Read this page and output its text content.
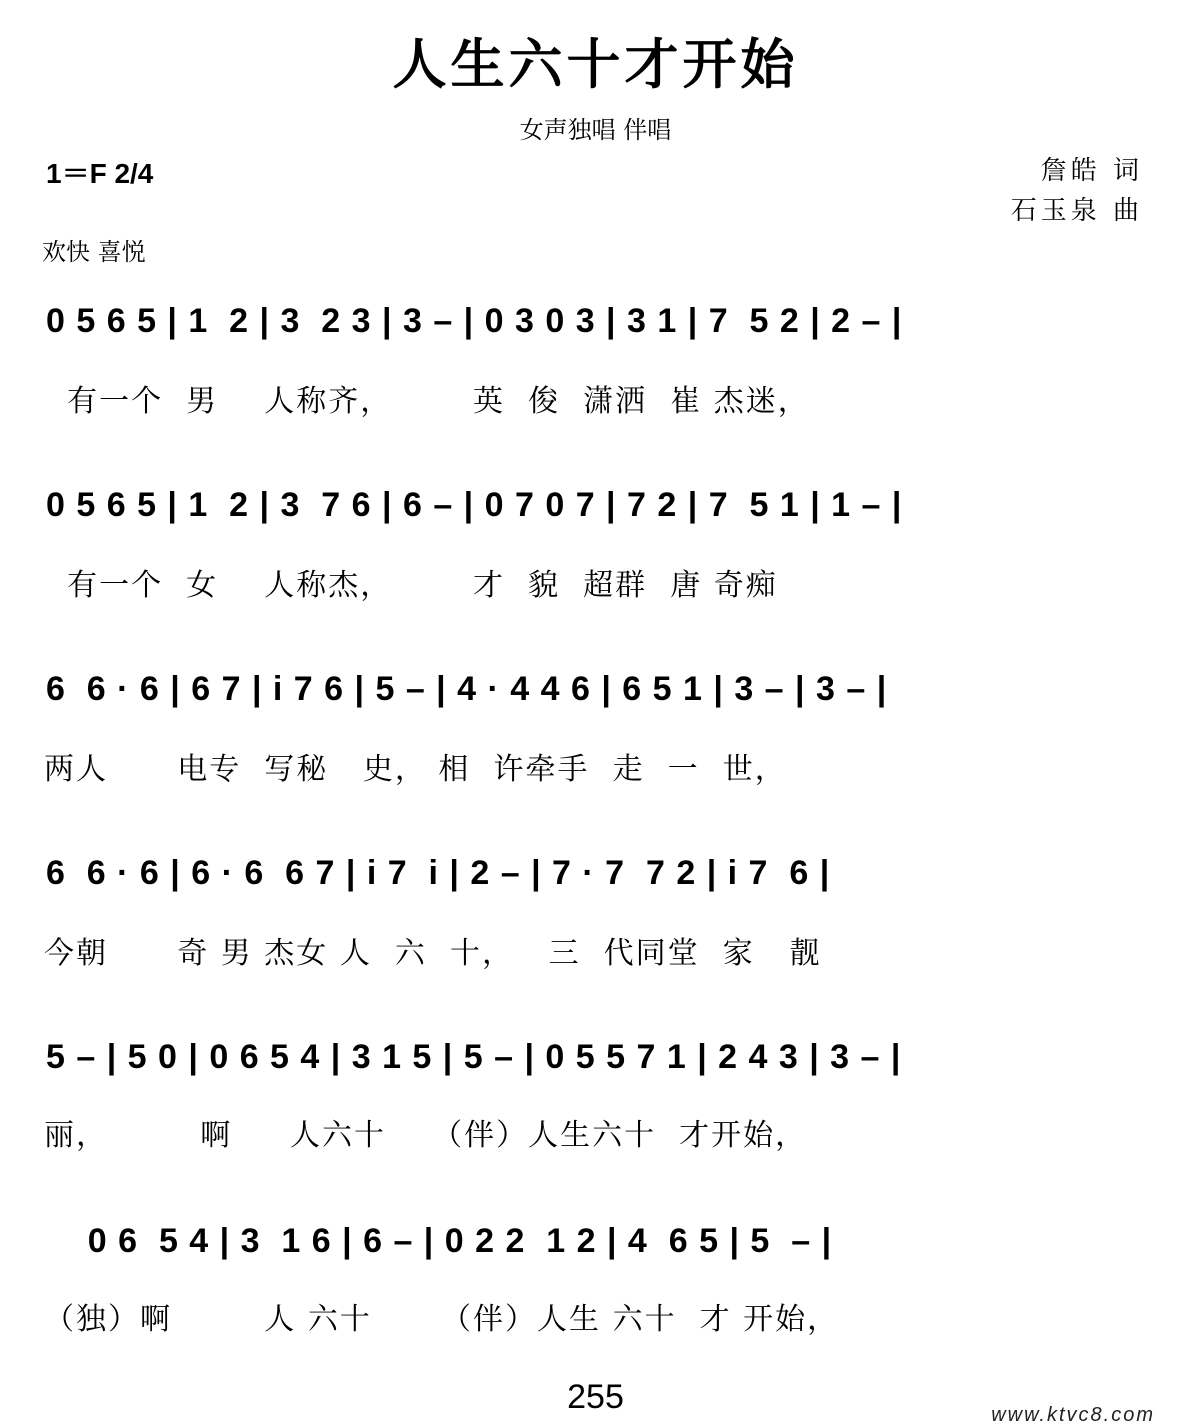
人生六十才开始
女声独唱 伴唱
1＝F 2/4	詹皓 词
石玉泉 曲
欢快 喜悦
0 5 6 5 | 1  2 | 3  2 3 | 3 – | 0 3 0 3 | 3 1 | 7  5 2 | 2 – |
有一个  男    人称齐，       英  俊  潇洒  崔 杰迷，
0 5 6 5 | 1  2 | 3  7 6 | 6 – | 0 7 0 7 | 7 2 | 7  5 1 | 1 – |
有一个  女    人称杰，       才  貌  超群  唐 奇痴
6  6 · 6 | 6 7 | i 7 6 | 5 – | 4 · 4 4 6 | 6 5 1 | 3 – | 3 – |
两人      电专  写秘   史， 相  许牵手  走  一  世，
6  6 · 6 | 6 · 6  6 7 | i 7  i | 2 – | 7 · 7  7 2 | i 7  6 |
今朝      奇 男 杰女 人  六  十，   三  代同堂  家   靓
5 – | 5 0 | 0 6 5 4 | 3 1 5 | 5 – | 0 5 5 7 1 | 2 4 3 | 3 – |
丽，        啊     人六十    （伴）人生六十  才开始，
0 6  5 4 | 3  1 6 | 6 – | 0 2 2  1 2 | 4  6 5 | 5  – |
（独）啊        人 六十      （伴）人生 六十  才 开始，
255	www.ktvc8.com
